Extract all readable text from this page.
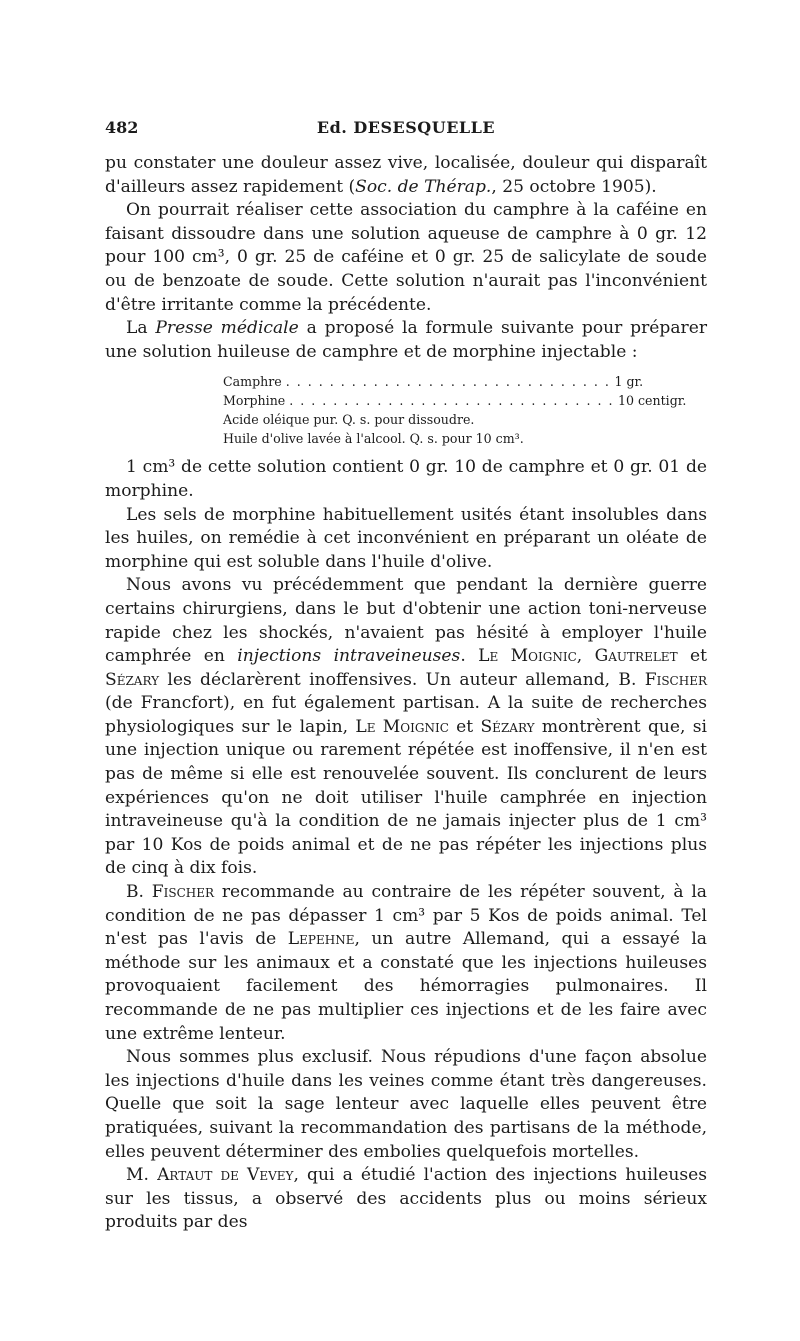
482	Ed. DESESQUELLE

pu constater une douleur assez vive, localisée, douleur qui disparaît d'ailleurs assez rapidement (Soc. de Thérap., 25 octobre 1905).

On pourrait réaliser cette association du camphre à la caféine en faisant dissoudre dans une solution aqueuse de camphre à 0 gr. 12 pour 100 cm³, 0 gr. 25 de caféine et 0 gr. 25 de salicylate de soude ou de benzoate de soude. Cette solution n'aurait pas l'inconvénient d'être irritante comme la précédente.

La Presse médicale a proposé la formule suivante pour préparer une solution huileuse de camphre et de morphine injectable :

Camphre . . . . . . . . . . . . . . . . . . . . . . . . . . . . . . 1 gr.
Morphine . . . . . . . . . . . . . . . . . . . . . . . . . . . . . . 10 centigr.
Acide oléique pur. Q. s. pour dissoudre.
Huile d'olive lavée à l'alcool. Q. s. pour 10 cm³.

1 cm³ de cette solution contient 0 gr. 10 de camphre et 0 gr. 01 de morphine.

Les sels de morphine habituellement usités étant insolubles dans les huiles, on remédie à cet inconvénient en préparant un oléate de morphine qui est soluble dans l'huile d'olive.

Nous avons vu précédemment que pendant la dernière guerre certains chirurgiens, dans le but d'obtenir une action toni-nerveuse rapide chez les shockés, n'avaient pas hésité à employer l'huile camphrée en injections intraveineuses. Le Moignic, Gautrelet et Sézary les déclarèrent inoffensives. Un auteur allemand, B. Fischer (de Francfort), en fut également partisan. A la suite de recherches physiologiques sur le lapin, Le Moignic et Sézary montrèrent que, si une injection unique ou rarement répétée est inoffensive, il n'en est pas de même si elle est renouvelée souvent. Ils conclurent de leurs expériences qu'on ne doit utiliser l'huile camphrée en injection intraveineuse qu'à la condition de ne jamais injecter plus de 1 cm³ par 10 Kos de poids animal et de ne pas répéter les injections plus de cinq à dix fois.

B. Fischer recommande au contraire de les répéter souvent, à la condition de ne pas dépasser 1 cm³ par 5 Kos de poids animal. Tel n'est pas l'avis de Lepehne, un autre Allemand, qui a essayé la méthode sur les animaux et a constaté que les injections huileuses provoquaient facilement des hémorragies pulmonaires. Il recommande de ne pas multiplier ces injections et de les faire avec une extrême lenteur.

Nous sommes plus exclusif. Nous répudions d'une façon absolue les injections d'huile dans les veines comme étant très dangereuses. Quelle que soit la sage lenteur avec laquelle elles peuvent être pratiquées, suivant la recommandation des partisans de la méthode, elles peuvent déterminer des embolies quelquefois mortelles.

M. Artaut de Vevey, qui a étudié l'action des injections huileuses sur les tissus, a observé des accidents plus ou moins sérieux produits par des
